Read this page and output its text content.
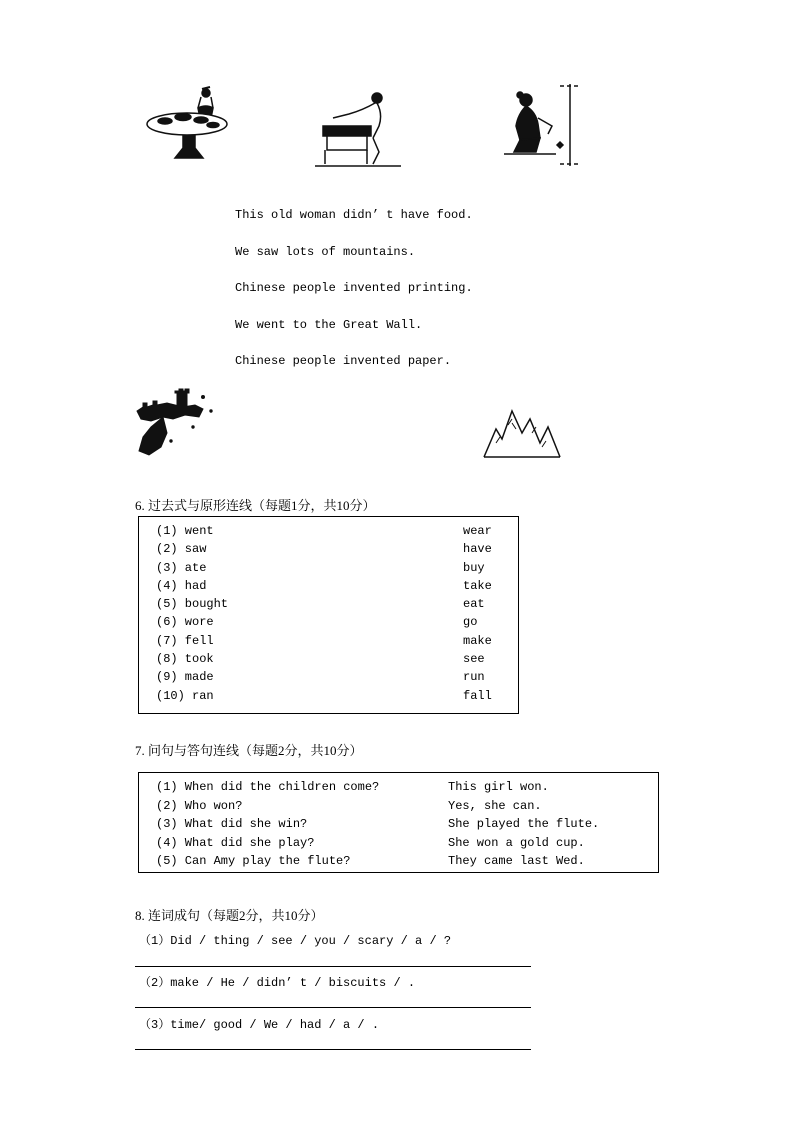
This old woman didn’ t have food.
We saw lots of mountains.
Chinese people invented printing.
We went to the Great Wall.
Chinese people invented paper.
6. 过去式与原形连线（每题1分，共10分）
(1) went
(2) saw
(3) ate
(4) had
(5) bought
(6) wore
(7) fell
(8) took
(9) made
(10) ran
wear
have
buy
take
eat
go
make
see
run
fall
7. 问句与答句连线（每题2分，共10分）
(1) When did the children come?
(2) Who won?
(3) What did she win?
(4) What did she play?
(5) Can Amy play the flute?
This girl won.
Yes, she can.
She played the flute.
She won a gold cup.
They came last Wed.
8. 连词成句（每题2分，共10分）
（1）Did / thing / see / you / scary / a / ?
（2）make / He / didn’ t / biscuits / .
（3）time/ good / We / had / a / .
